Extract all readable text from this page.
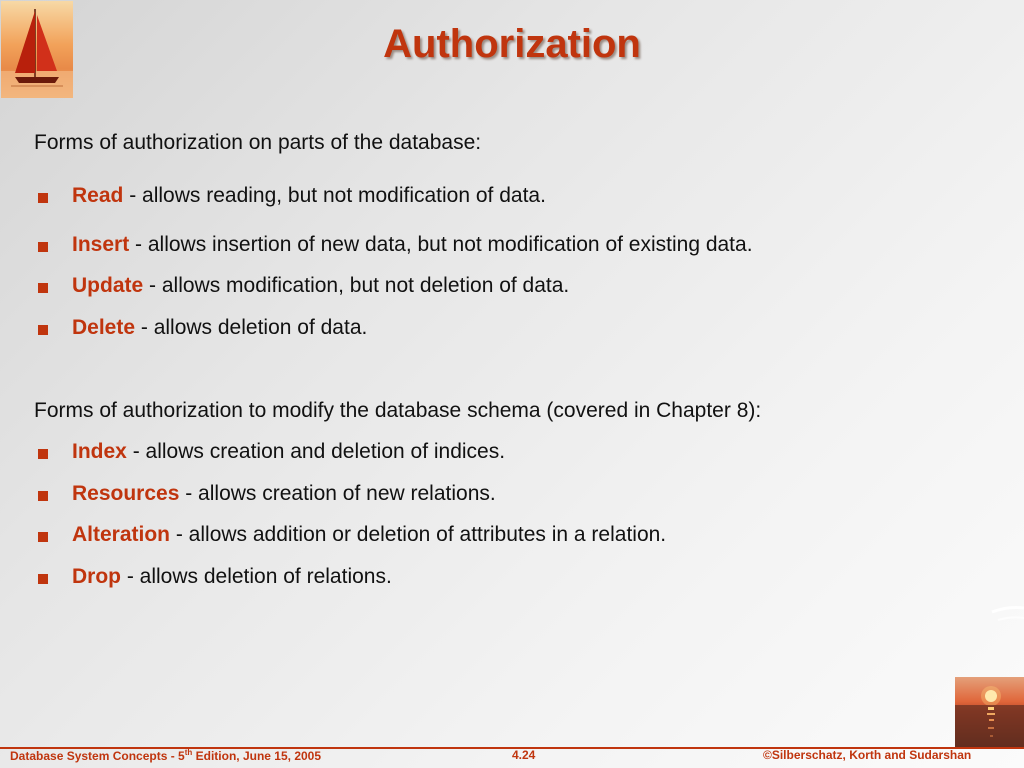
Authorization
Forms of authorization on parts of the database:
Read - allows reading, but not modification of data.
Insert - allows insertion of new data, but not modification of existing data.
Update - allows modification, but not deletion of data.
Delete - allows deletion of data.
Forms of authorization to modify the database schema (covered in Chapter 8):
Index - allows creation and deletion of indices.
Resources - allows creation of new relations.
Alteration - allows addition or deletion of attributes in a relation.
Drop - allows deletion of relations.
Database System Concepts - 5th Edition, June 15, 2005	4.24	©Silberschatz, Korth and Sudarshan
